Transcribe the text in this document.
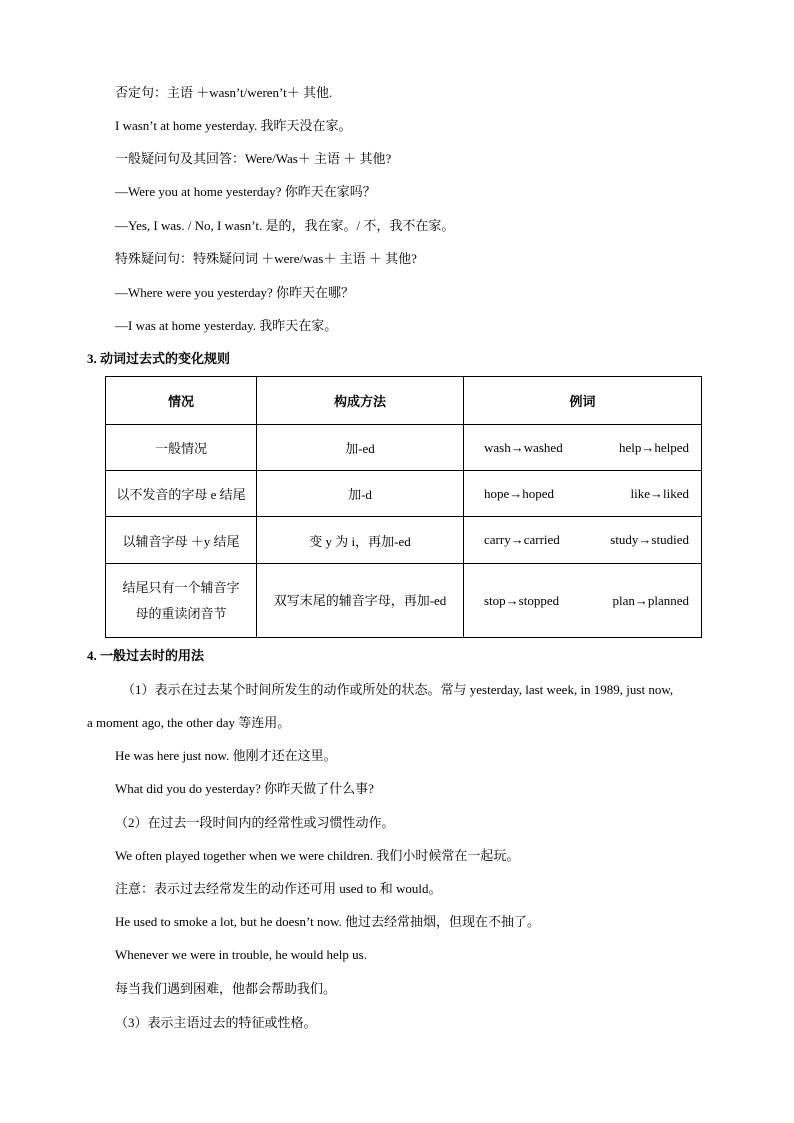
否定句：主语 ＋wasn’t/weren’t＋ 其他.
I wasn’t at home yesterday. 我昨天没在家。
一般疑问句及其回答：Were/Was＋ 主语 ＋ 其他?
—Were you at home yesterday? 你昨天在家吗？
—Yes, I was. / No, I wasn’t. 是的，我在家。/ 不，我不在家。
特殊疑问句：特殊疑问词 ＋were/was＋ 主语 ＋ 其他?
—Where were you yesterday? 你昨天在哪？
—I was at home yesterday. 我昨天在家。
3. 动词过去式的变化规则
情况	构成方法	例词
一般情况	加-ed	wash→washed help→helped

以不发音的字母 e 结尾	加-d	hope→hoped like→liked

以辅音字母 ＋y 结尾	变 y 为 i，再加-ed	carry→carried study→studied

结尾只有一个辅音字
母的重读闭音节	双写末尾的辅音字母，再加-ed	stop→stopped plan→planned
4. 一般过去时的用法
（1）表示在过去某个时间所发生的动作或所处的状态。常与 yesterday, last week, in 1989, just now,
a moment ago, the other day 等连用。
He was here just now. 他刚才还在这里。
What did you do yesterday? 你昨天做了什么事?
（2）在过去一段时间内的经常性或习惯性动作。
We often played together when we were children. 我们小时候常在一起玩。
注意：表示过去经常发生的动作还可用 used to 和 would。
He used to smoke a lot, but he doesn’t now. 他过去经常抽烟，但现在不抽了。
Whenever we were in trouble, he would help us.
每当我们遇到困难，他都会帮助我们。
（3）表示主语过去的特征或性格。
